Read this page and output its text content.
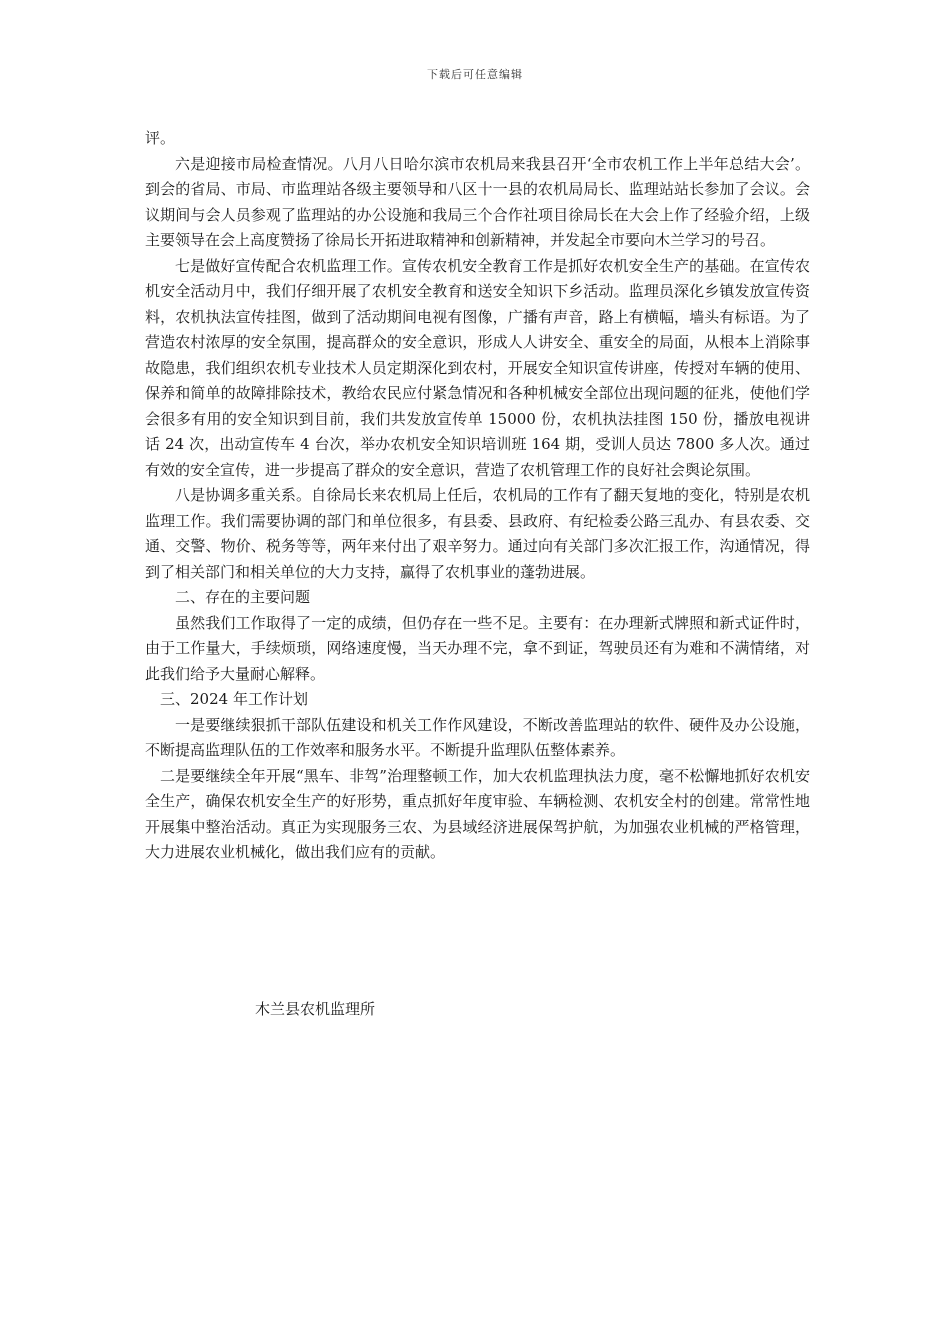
下载后可任意编辑

评。

六是迎接市局检查情况。八月八日哈尔滨市农机局来我县召开‘全市农机工作上半年总结大会’。到会的省局、市局、市监理站各级主要领导和八区十一县的农机局局长、监理站站长参加了会议。会议期间与会人员参观了监理站的办公设施和我局三个合作社项目徐局长在大会上作了经验介绍，上级主要领导在会上高度赞扬了徐局长开拓进取精神和创新精神，并发起全市要向木兰学习的号召。

七是做好宣传配合农机监理工作。宣传农机安全教育工作是抓好农机安全生产的基础。在宣传农机安全活动月中，我们仔细开展了农机安全教育和送安全知识下乡活动。监理员深化乡镇发放宣传资料，农机执法宣传挂图，做到了活动期间电视有图像，广播有声音，路上有横幅，墙头有标语。为了营造农村浓厚的安全氛围，提高群众的安全意识，形成人人讲安全、重安全的局面，从根本上消除事故隐患，我们组织农机专业技术人员定期深化到农村，开展安全知识宣传讲座，传授对车辆的使用、保养和简单的故障排除技术，教给农民应付紧急情况和各种机械安全部位出现问题的征兆，使他们学会很多有用的安全知识到目前，我们共发放宣传单 15000 份，农机执法挂图 150 份，播放电视讲话 24 次，出动宣传车 4 台次，举办农机安全知识培训班 164 期，受训人员达 7800 多人次。通过有效的安全宣传，进一步提高了群众的安全意识，营造了农机管理工作的良好社会舆论氛围。

八是协调多重关系。自徐局长来农机局上任后，农机局的工作有了翻天复地的变化，特别是农机监理工作。我们需要协调的部门和单位很多，有县委、县政府、有纪检委公路三乱办、有县农委、交通、交警、物价、税务等等，两年来付出了艰辛努力。通过向有关部门多次汇报工作，沟通情况，得到了相关部门和相关单位的大力支持，赢得了农机事业的蓬勃进展。

二、存在的主要问题

虽然我们工作取得了一定的成绩，但仍存在一些不足。主要有：在办理新式牌照和新式证件时，由于工作量大，手续烦琐，网络速度慢，当天办理不完，拿不到证，驾驶员还有为难和不满情绪，对此我们给予大量耐心解释。

三、2024 年工作计划

一是要继续狠抓干部队伍建设和机关工作作风建设，不断改善监理站的软件、硬件及办公设施，不断提高监理队伍的工作效率和服务水平。不断提升监理队伍整体素养。

二是要继续全年开展“黑车、非驾”治理整顿工作，加大农机监理执法力度，毫不松懈地抓好农机安全生产，确保农机安全生产的好形势，重点抓好年度审验、车辆检测、农机安全村的创建。常常性地开展集中整治活动。真正为实现服务三农、为县域经济进展保驾护航，为加强农业机械的严格管理，大力进展农业机械化，做出我们应有的贡献。

木兰县农机监理所
